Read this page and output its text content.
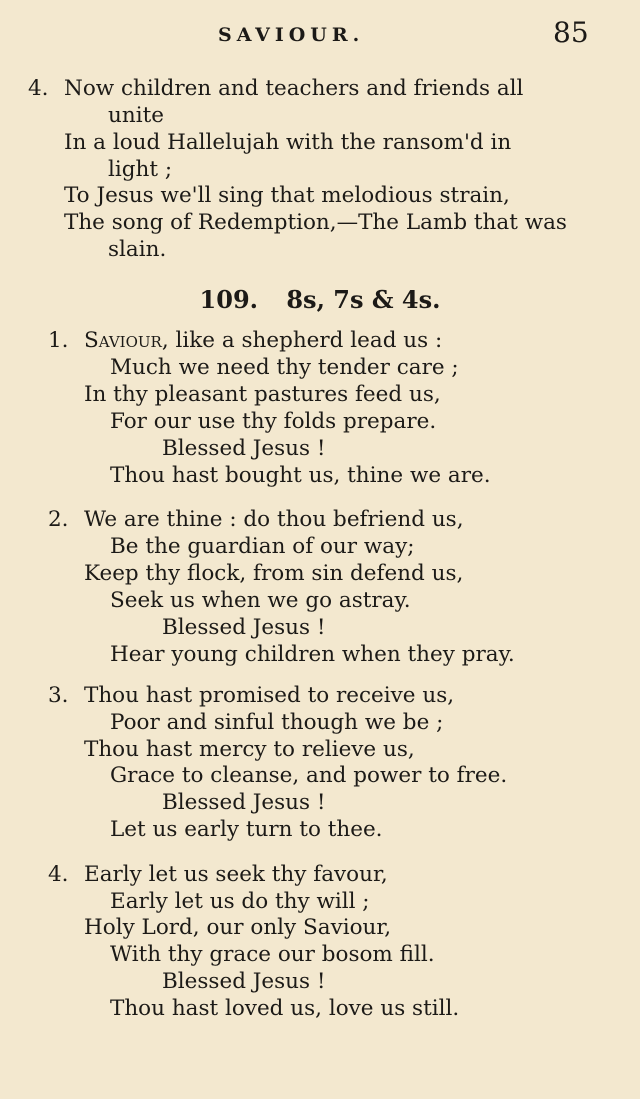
SAVIOUR.	85
4. Now children and teachers and friends all
unite
In a loud Hallelujah with the ransom'd in
light ;
To Jesus we'll sing that melodious strain,
The song of Redemption,—The Lamb that was
slain.
109. 8s, 7s & 4s.
1. Saviour, like a shepherd lead us :
Much we need thy tender care ;
In thy pleasant pastures feed us,
For our use thy folds prepare.
Blessed Jesus !
Thou hast bought us, thine we are.
2. We are thine : do thou befriend us,
Be the guardian of our way;
Keep thy flock, from sin defend us,
Seek us when we go astray.
Blessed Jesus !
Hear young children when they pray.
3. Thou hast promised to receive us,
Poor and sinful though we be ;
Thou hast mercy to relieve us,
Grace to cleanse, and power to free.
Blessed Jesus !
Let us early turn to thee.
4. Early let us seek thy favour,
Early let us do thy will ;
Holy Lord, our only Saviour,
With thy grace our bosom fill.
Blessed Jesus !
Thou hast loved us, love us still.
